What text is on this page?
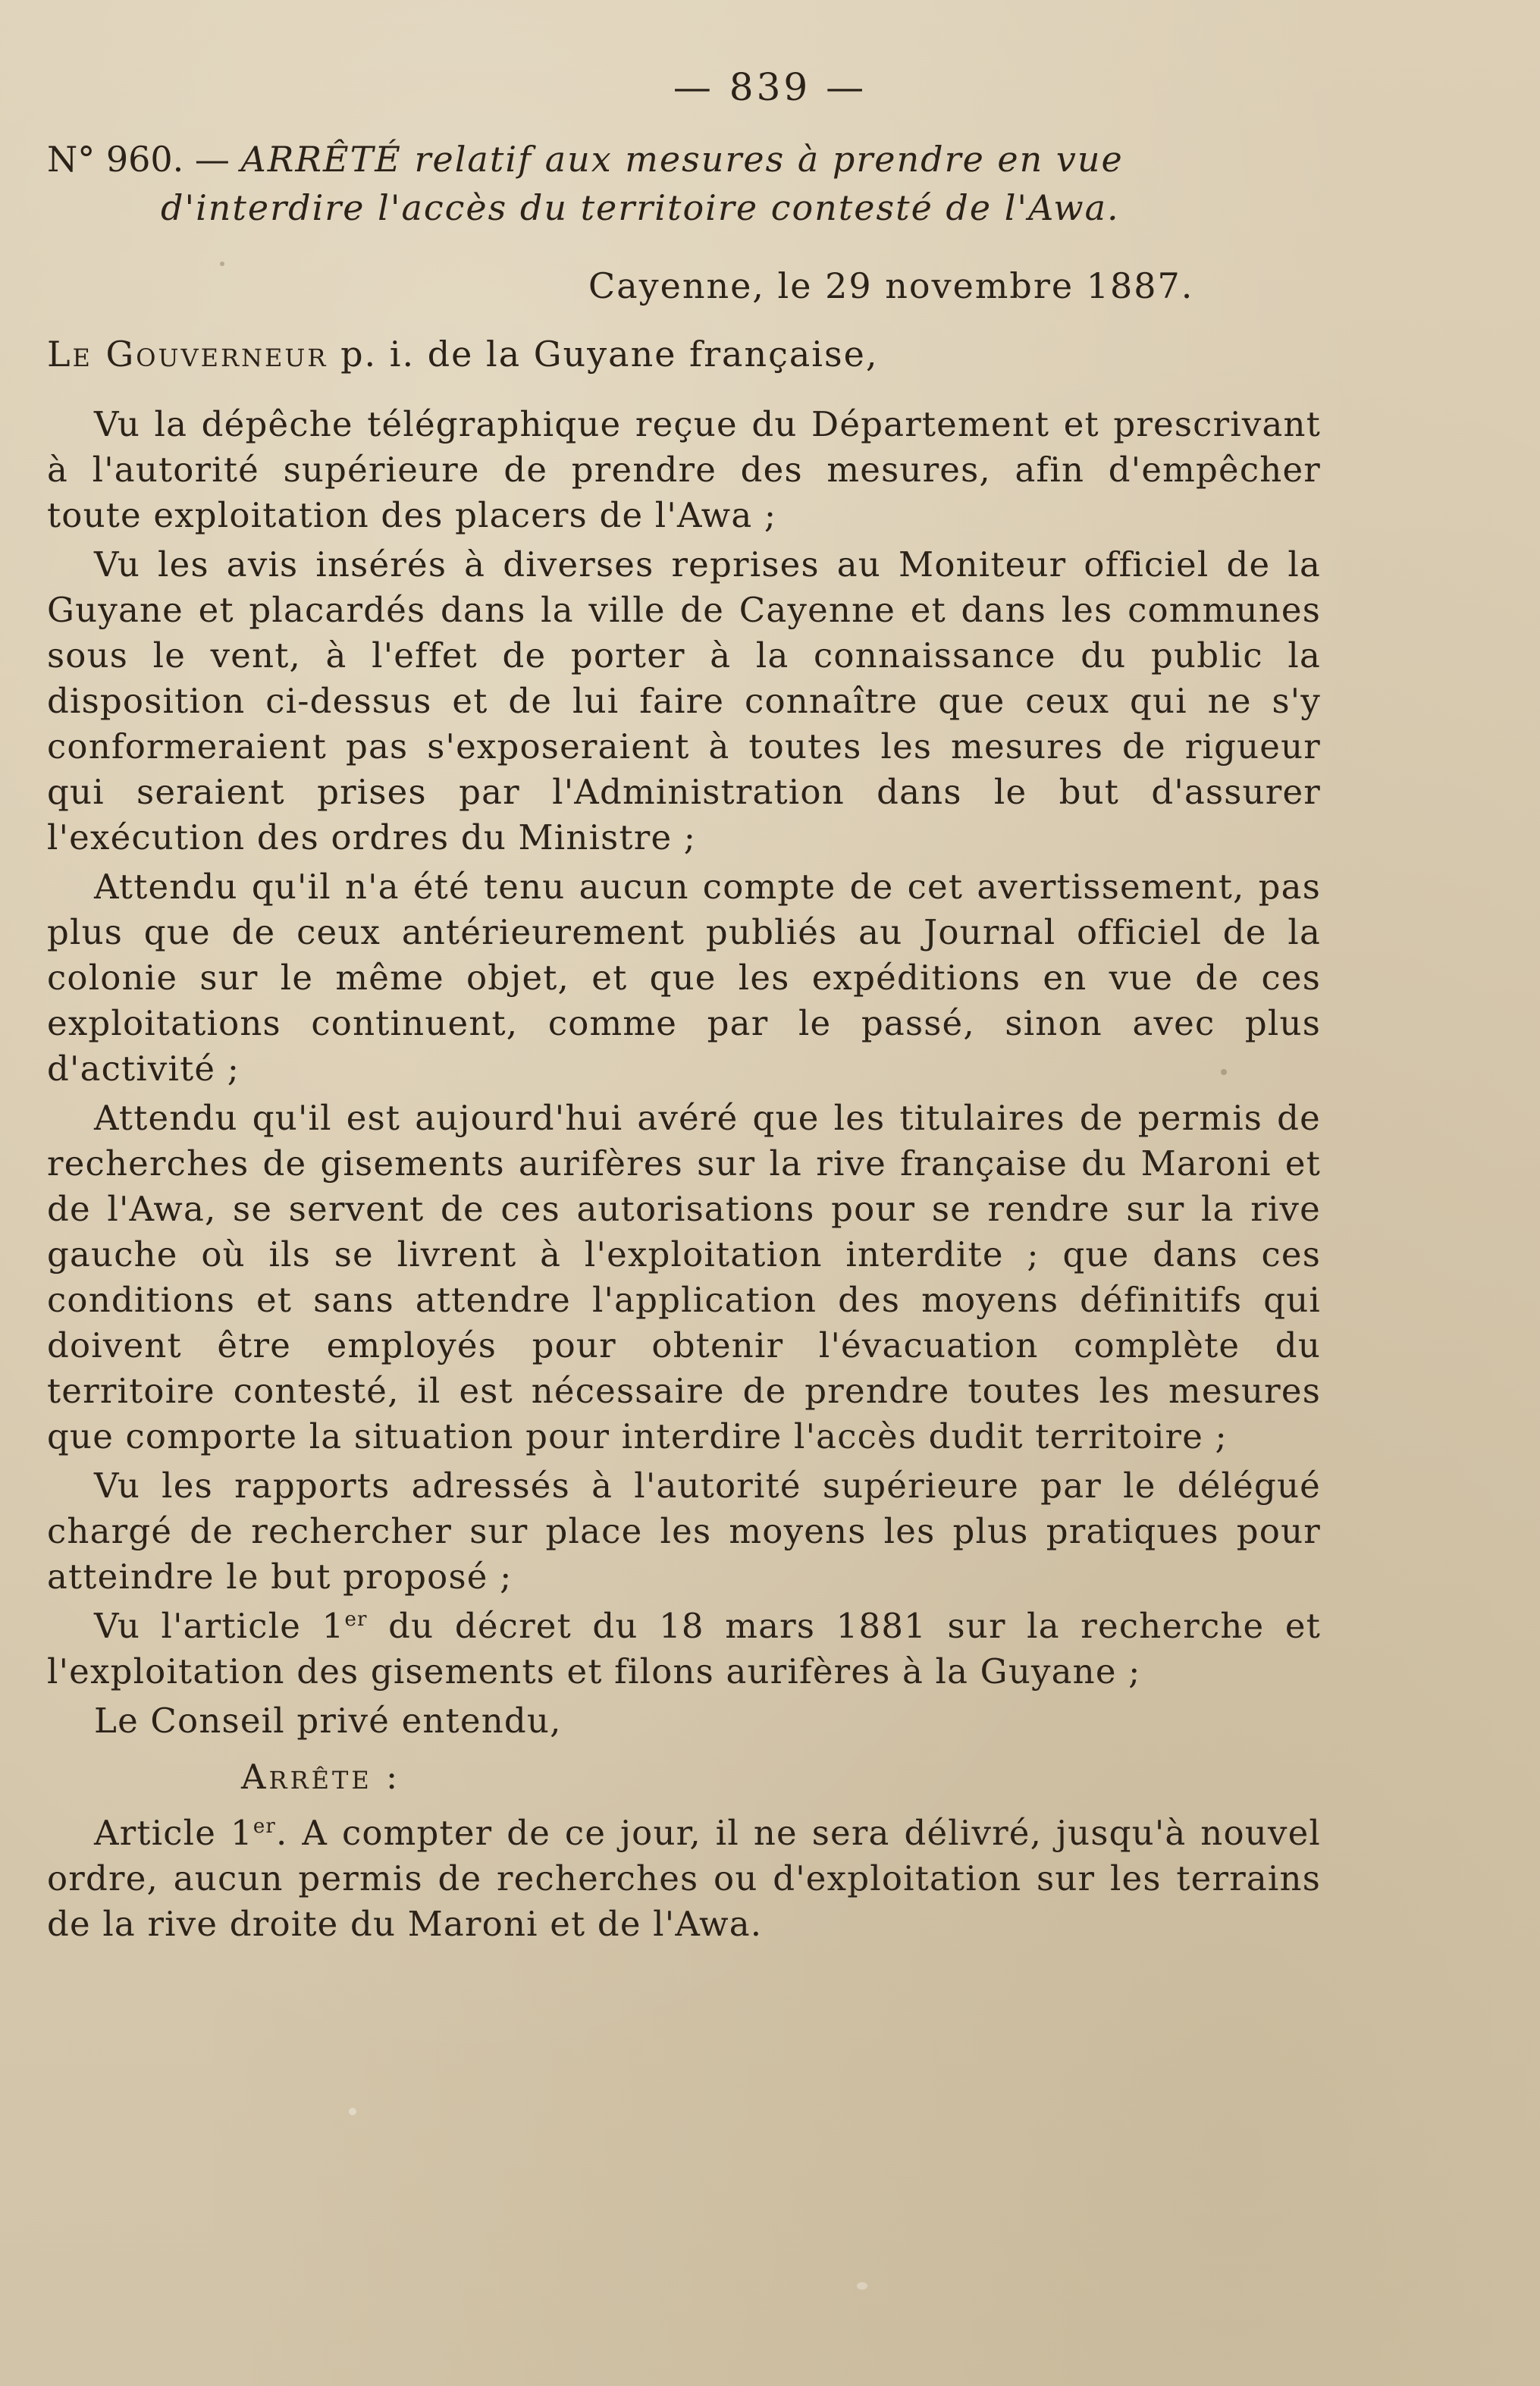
— 839 —
N° 960. — ARRÊTÉ relatif aux mesures à prendre en vue
d'interdire l'accès du territoire contesté de l'Awa.
Cayenne, le 29 novembre 1887.
Le Gouverneur p. i. de la Guyane française,

Vu la dépêche télégraphique reçue du Département et prescrivant à l'autorité supérieure de prendre des mesures, afin d'empêcher toute exploitation des placers de l'Awa ;

Vu les avis insérés à diverses reprises au Moniteur officiel de la Guyane et placardés dans la ville de Cayenne et dans les communes sous le vent, à l'effet de porter à la connaissance du public la disposition ci-dessus et de lui faire connaître que ceux qui ne s'y conformeraient pas s'exposeraient à toutes les mesures de rigueur qui seraient prises par l'Administration dans le but d'assurer l'exécution des ordres du Ministre ;

Attendu qu'il n'a été tenu aucun compte de cet avertissement, pas plus que de ceux antérieurement publiés au Journal officiel de la colonie sur le même objet, et que les expéditions en vue de ces exploitations continuent, comme par le passé, sinon avec plus d'activité ;

Attendu qu'il est aujourd'hui avéré que les titulaires de permis de recherches de gisements aurifères sur la rive française du Maroni et de l'Awa, se servent de ces autorisations pour se rendre sur la rive gauche où ils se livrent à l'exploitation interdite ; que dans ces conditions et sans attendre l'application des moyens définitifs qui doivent être employés pour obtenir l'évacuation complète du territoire contesté, il est nécessaire de prendre toutes les mesures que comporte la situation pour interdire l'accès dudit territoire ;

Vu les rapports adressés à l'autorité supérieure par le délégué chargé de rechercher sur place les moyens les plus pratiques pour atteindre le but proposé ;

Vu l'article 1er du décret du 18 mars 1881 sur la recherche et l'exploitation des gisements et filons aurifères à la Guyane ;

Le Conseil privé entendu,

Arrête :

Article 1er. A compter de ce jour, il ne sera délivré, jusqu'à nouvel ordre, aucun permis de recherches ou d'exploitation sur les terrains de la rive droite du Maroni et de l'Awa.
